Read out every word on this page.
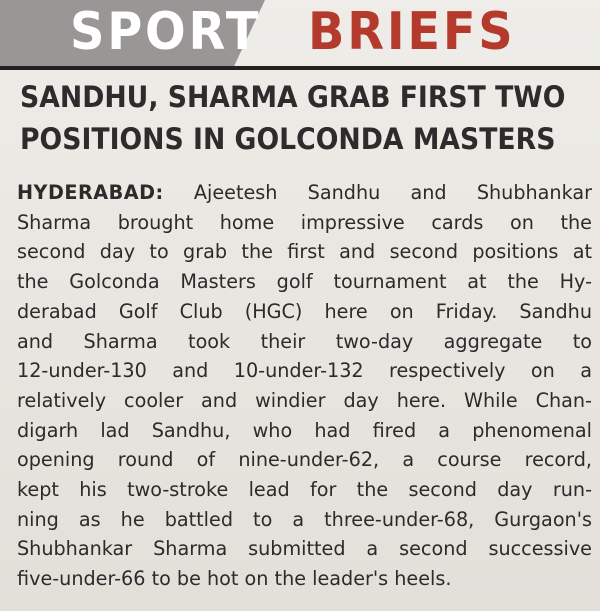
SPORT BRIEFS
SANDHU, SHARMA GRAB FIRST TWO
POSITIONS IN GOLCONDA MASTERS
HYDERABAD: Ajeetesh Sandhu and Shubhankar
Sharma brought home impressive cards on the
second day to grab the first and second positions at
the Golconda Masters golf tournament at the Hy-
derabad Golf Club (HGC) here on Friday. Sandhu
and Sharma took their two-day aggregate to
12-under-130 and 10-under-132 respectively on a
relatively cooler and windier day here. While Chan-
digarh lad Sandhu, who had fired a phenomenal
opening round of nine-under-62, a course record,
kept his two-stroke lead for the second day run-
ning as he battled to a three-under-68, Gurgaon's
Shubhankar Sharma submitted a second successive
five-under-66 to be hot on the leader's heels.
